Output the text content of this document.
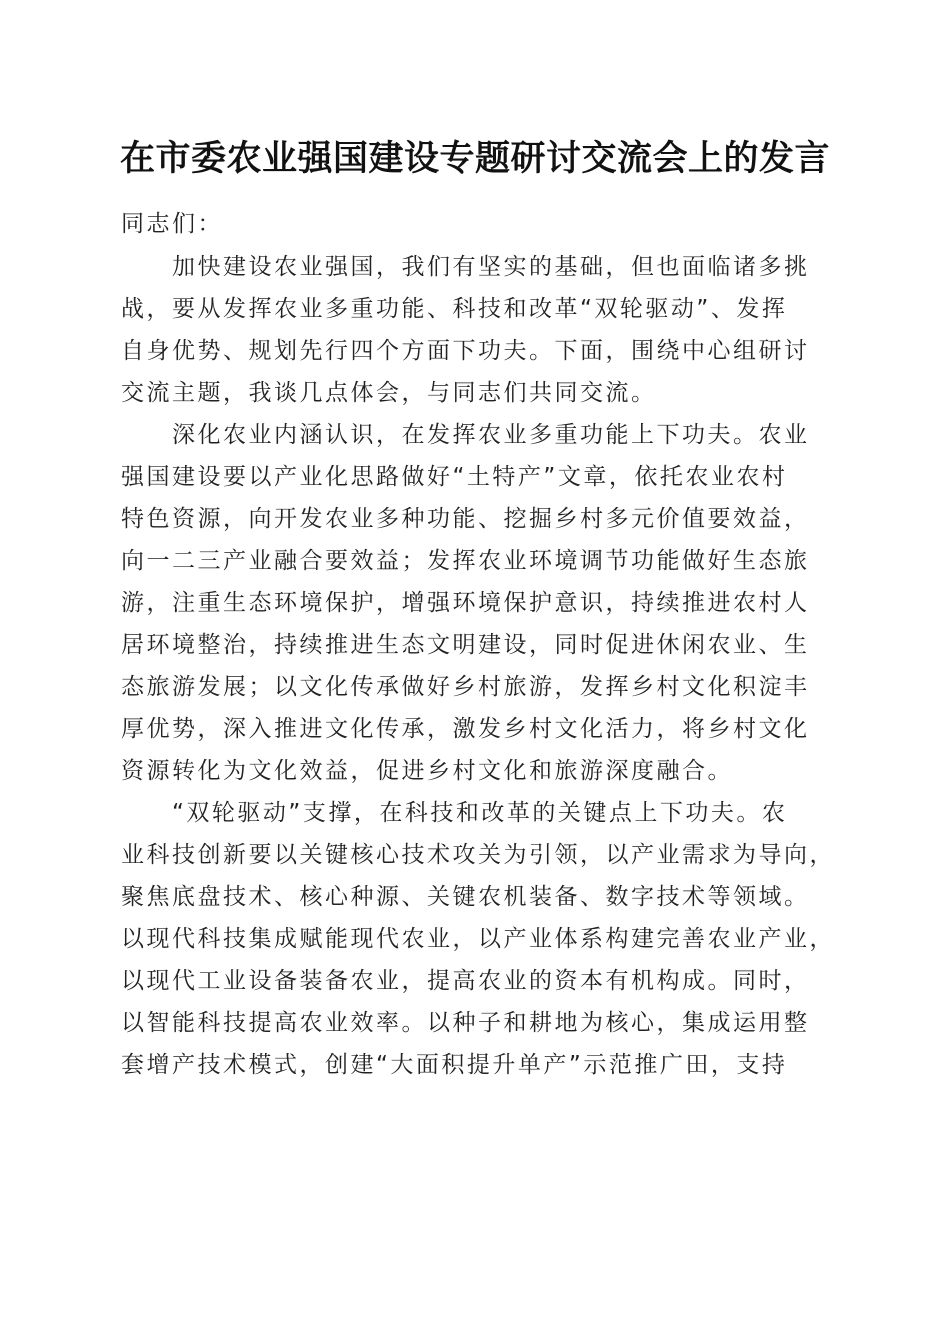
在市委农业强国建设专题研讨交流会上的发言
同志们：
　　加快建设农业强国，我们有坚实的基础，但也面临诸多挑
战，要从发挥农业多重功能、科技和改革“双轮驱动”、发挥
自身优势、规划先行四个方面下功夫。下面，围绕中心组研讨
交流主题，我谈几点体会，与同志们共同交流。
　　深化农业内涵认识，在发挥农业多重功能上下功夫。农业
强国建设要以产业化思路做好“土特产”文章，依托农业农村
特色资源，向开发农业多种功能、挖掘乡村多元价值要效益，
向一二三产业融合要效益；发挥农业环境调节功能做好生态旅
游，注重生态环境保护，增强环境保护意识，持续推进农村人
居环境整治，持续推进生态文明建设，同时促进休闲农业、生
态旅游发展；以文化传承做好乡村旅游，发挥乡村文化积淀丰
厚优势，深入推进文化传承，激发乡村文化活力，将乡村文化
资源转化为文化效益，促进乡村文化和旅游深度融合。
　　“双轮驱动”支撑，在科技和改革的关键点上下功夫。农
业科技创新要以关键核心技术攻关为引领，以产业需求为导向，
聚焦底盘技术、核心种源、关键农机装备、数字技术等领域。
以现代科技集成赋能现代农业，以产业体系构建完善农业产业，
以现代工业设备装备农业，提高农业的资本有机构成。同时，
以智能科技提高农业效率。以种子和耕地为核心，集成运用整
套增产技术模式，创建“大面积提升单产”示范推广田，支持
